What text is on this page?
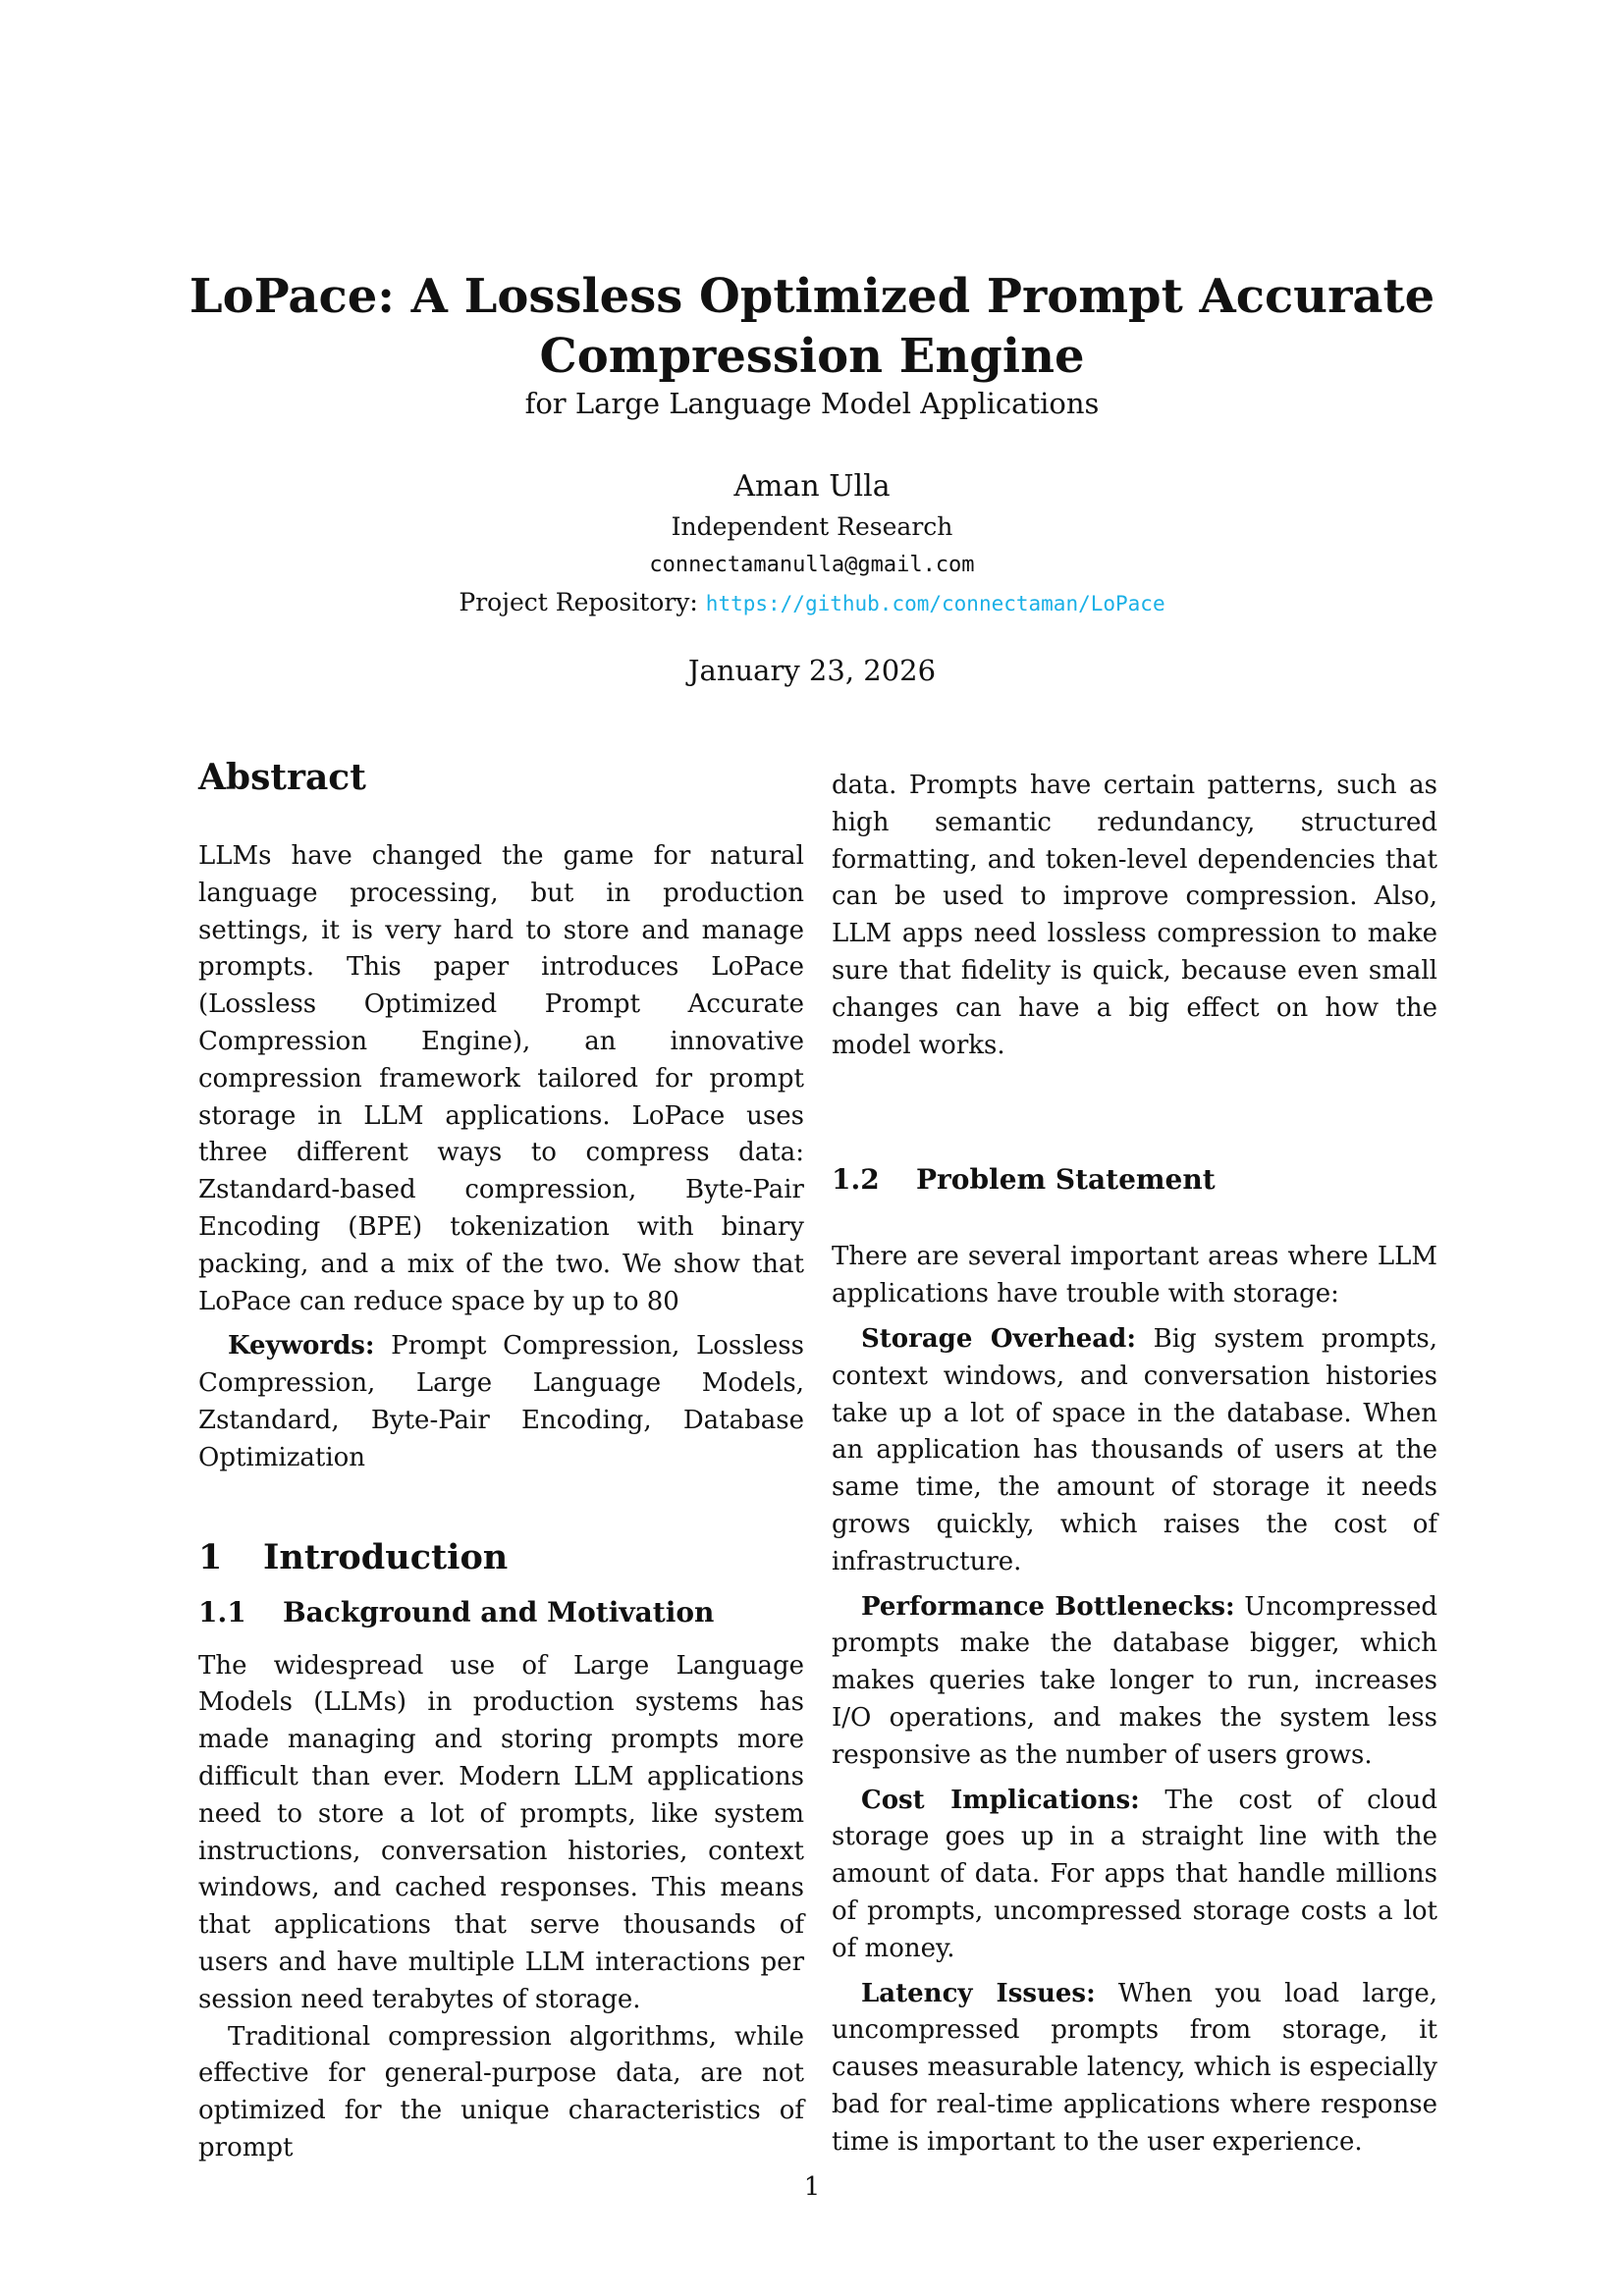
LoPace: A Lossless Optimized Prompt Accurate
Compression Engine

for Large Language Model Applications

Aman Ulla

Independent Research

connectamanulla@gmail.com

Project Repository: https://github.com/connectaman/LoPace

January 23, 2026

Abstract

LLMs have changed the game for natural language processing, but in production settings, it is very hard to store and manage prompts. This paper introduces LoPace (Lossless Optimized Prompt Accurate Compression Engine), an innovative compression framework tailored for prompt storage in LLM applications. LoPace uses three different ways to compress data: Zstandard-based compression, Byte-Pair Encoding (BPE) tokenization with binary packing, and a mix of the two. We show that LoPace can reduce space by up to 80

Keywords: Prompt Compression, Lossless Compression, Large Language Models, Zstandard, Byte-Pair Encoding, Database Optimization

1 Introduction
1.1 Background and Motivation

The widespread use of Large Language Models (LLMs) in production systems has made managing and storing prompts more difficult than ever. Modern LLM applications need to store a lot of prompts, like system instructions, conversation histories, context windows, and cached responses. This means that applications that serve thousands of users and have multiple LLM interactions per session need terabytes of storage.

Traditional compression algorithms, while effective for general-purpose data, are not optimized for the unique characteristics of prompt

data. Prompts have certain patterns, such as high semantic redundancy, structured formatting, and token-level dependencies that can be used to improve compression. Also, LLM apps need lossless compression to make sure that fidelity is quick, because even small changes can have a big effect on how the model works.

1.2 Problem Statement

There are several important areas where LLM applications have trouble with storage:

Storage Overhead: Big system prompts, context windows, and conversation histories take up a lot of space in the database. When an application has thousands of users at the same time, the amount of storage it needs grows quickly, which raises the cost of infrastructure.

Performance Bottlenecks: Uncompressed prompts make the database bigger, which makes queries take longer to run, increases I/O operations, and makes the system less responsive as the number of users grows.

Cost Implications: The cost of cloud storage goes up in a straight line with the amount of data. For apps that handle millions of prompts, uncompressed storage costs a lot of money.

Latency Issues: When you load large, uncompressed prompts from storage, it causes measurable latency, which is especially bad for real-time applications where response time is important to the user experience.

1
